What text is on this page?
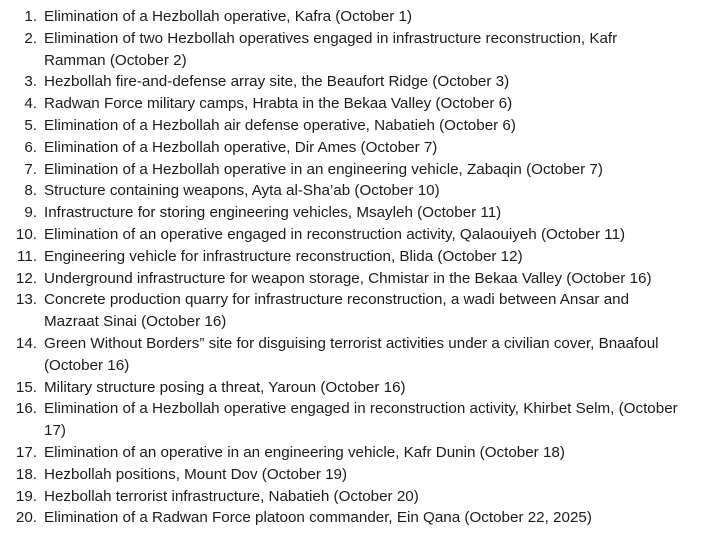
1. Elimination of a Hezbollah operative, Kafra (October 1)
2. Elimination of two Hezbollah operatives engaged in infrastructure reconstruction, Kafr Ramman (October 2)
3. Hezbollah fire-and-defense array site, the Beaufort Ridge (October 3)
4. Radwan Force military camps, Hrabta in the Bekaa Valley (October 6)
5. Elimination of a Hezbollah air defense operative, Nabatieh (October 6)
6. Elimination of a Hezbollah operative, Dir Ames (October 7)
7. Elimination of a Hezbollah operative in an engineering vehicle, Zabaqin (October 7)
8. Structure containing weapons, Ayta al-Sha’ab (October 10)
9. Infrastructure for storing engineering vehicles, Msayleh (October 11)
10. Elimination of an operative engaged in reconstruction activity, Qalaouiyeh (October 11)
11. Engineering vehicle for infrastructure reconstruction, Blida (October 12)
12. Underground infrastructure for weapon storage, Chmistar in the Bekaa Valley (October 16)
13. Concrete production quarry for infrastructure reconstruction, a wadi between Ansar and Mazraat Sinai (October 16)
14. Green Without Borders” site for disguising terrorist activities under a civilian cover, Bnaafoul (October 16)
15. Military structure posing a threat, Yaroun (October 16)
16. Elimination of a Hezbollah operative engaged in reconstruction activity, Khirbet Selm, (October 17)
17. Elimination of an operative in an engineering vehicle, Kafr Dunin (October 18)
18. Hezbollah positions, Mount Dov (October 19)
19. Hezbollah terrorist infrastructure, Nabatieh (October 20)
20. Elimination of a Radwan Force platoon commander, Ein Qana (October 22, 2025)
